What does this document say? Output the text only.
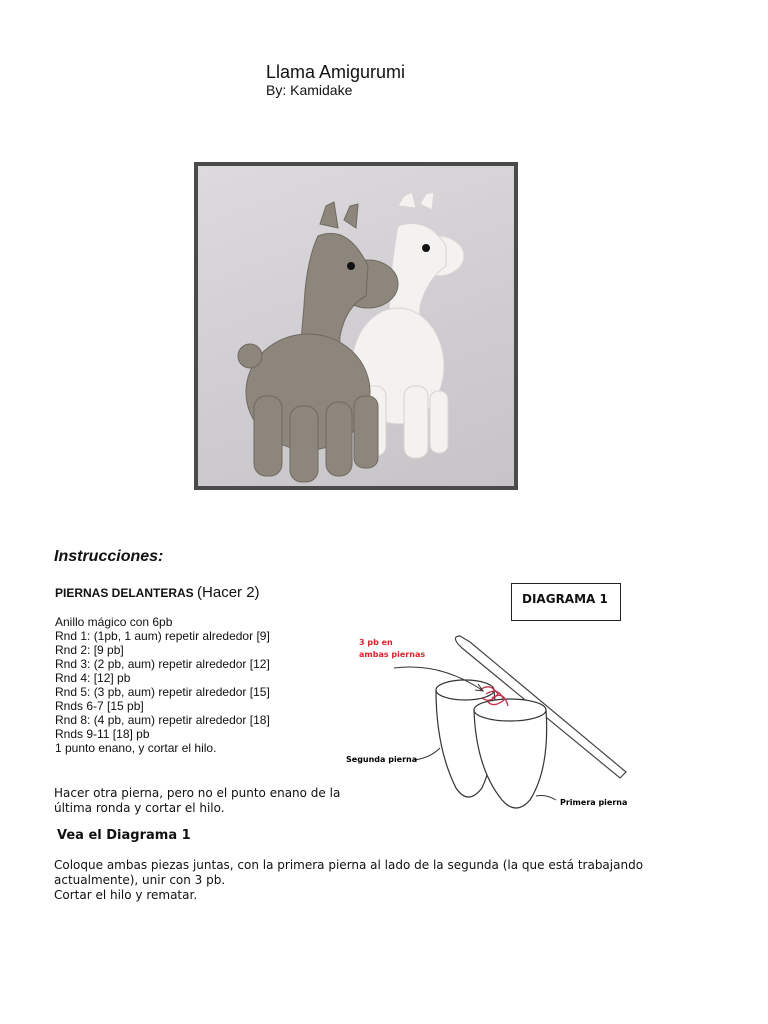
Llama Amigurumi
By: Kamidake
Instrucciones:
PIERNAS DELANTERAS (Hacer 2)
Anillo mágico con 6pb
Rnd 1: (1pb, 1 aum) repetir alrededor [9]
Rnd 2: [9 pb]
Rnd 3: (2 pb, aum) repetir alrededor [12]
Rnd 4: [12] pb
Rnd 5: (3 pb, aum) repetir alrededor [15]
Rnds 6-7 [15 pb]
Rnd 8: (4 pb, aum) repetir alrededor [18]
Rnds 9-11 [18] pb
1 punto enano, y cortar el hilo.
Hacer otra pierna, pero no el punto enano de la última ronda y cortar el hilo.
Vea el Diagrama 1
Coloque ambas piezas juntas, con la primera pierna al lado de la segunda (la que está trabajando actualmente), unir con 3 pb.
Cortar el hilo y rematar.
DIAGRAMA 1
3 pb en
ambas piernas
Segunda pierna
Primera pierna
